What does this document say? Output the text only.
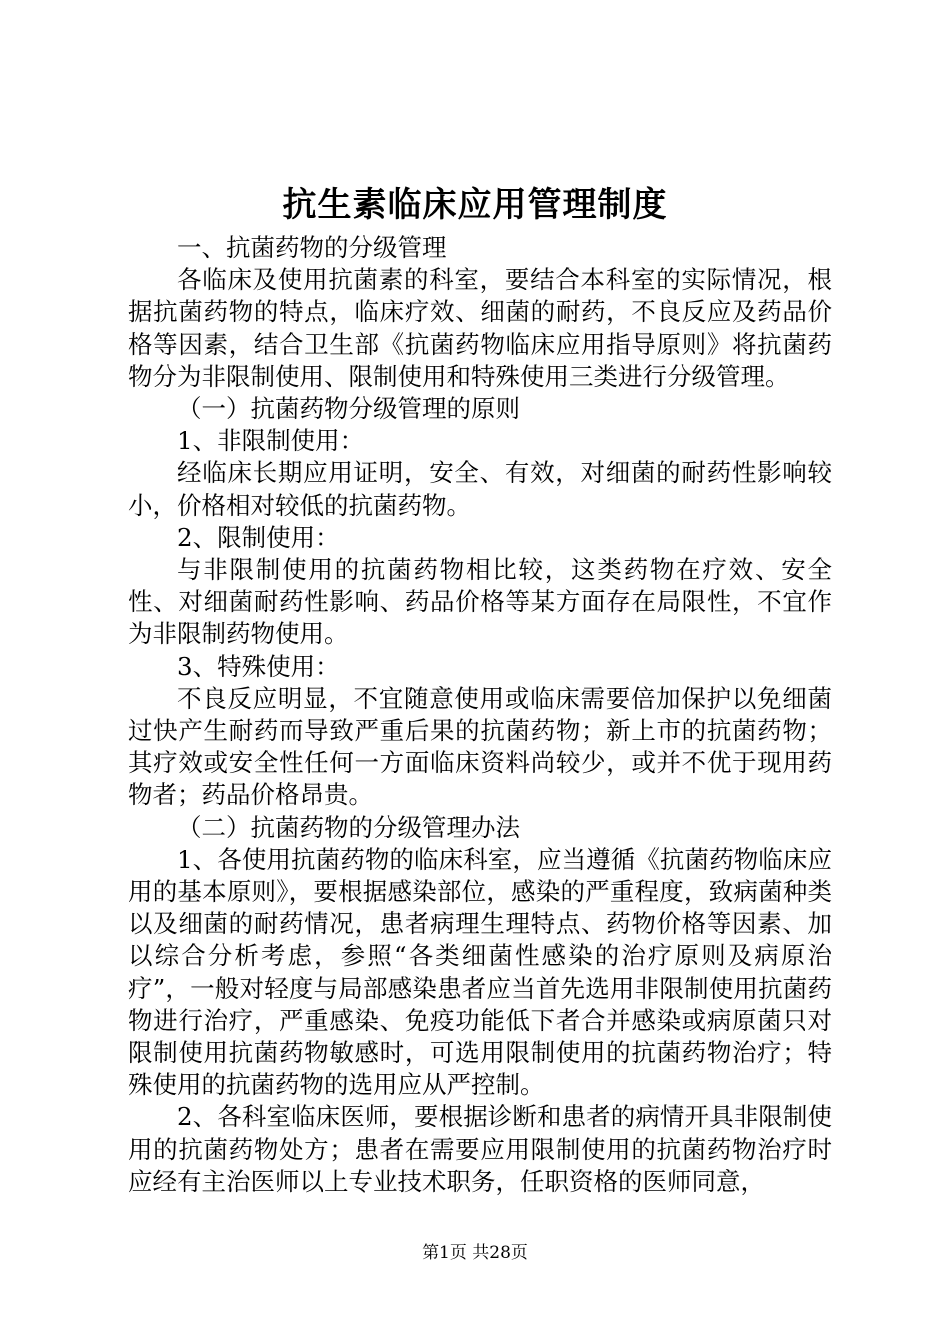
抗生素临床应用管理制度

一、抗菌药物的分级管理

各临床及使用抗菌素的科室，要结合本科室的实际情况，根据抗菌药物的特点，临床疗效、细菌的耐药，不良反应及药品价格等因素，结合卫生部《抗菌药物临床应用指导原则》将抗菌药物分为非限制使用、限制使用和特殊使用三类进行分级管理。

（一）抗菌药物分级管理的原则

1、非限制使用：

经临床长期应用证明，安全、有效，对细菌的耐药性影响较小，价格相对较低的抗菌药物。

2、限制使用：

与非限制使用的抗菌药物相比较，这类药物在疗效、安全性、对细菌耐药性影响、药品价格等某方面存在局限性，不宜作为非限制药物使用。

3、特殊使用：

不良反应明显，不宜随意使用或临床需要倍加保护以免细菌过快产生耐药而导致严重后果的抗菌药物；新上市的抗菌药物；其疗效或安全性任何一方面临床资料尚较少，或并不优于现用药物者；药品价格昂贵。

（二）抗菌药物的分级管理办法

1、各使用抗菌药物的临床科室，应当遵循《抗菌药物临床应用的基本原则》，要根据感染部位，感染的严重程度，致病菌种类以及细菌的耐药情况，患者病理生理特点、药物价格等因素、加以综合分析考虑，参照“各类细菌性感染的治疗原则及病原治疗”，一般对轻度与局部感染患者应当首先选用非限制使用抗菌药物进行治疗，严重感染、免疫功能低下者合并感染或病原菌只对限制使用抗菌药物敏感时，可选用限制使用的抗菌药物治疗；特殊使用的抗菌药物的选用应从严控制。

2、各科室临床医师，要根据诊断和患者的病情开具非限制使用的抗菌药物处方；患者在需要应用限制使用的抗菌药物治疗时应经有主治医师以上专业技术职务，任职资格的医师同意，

第1页 共28页
